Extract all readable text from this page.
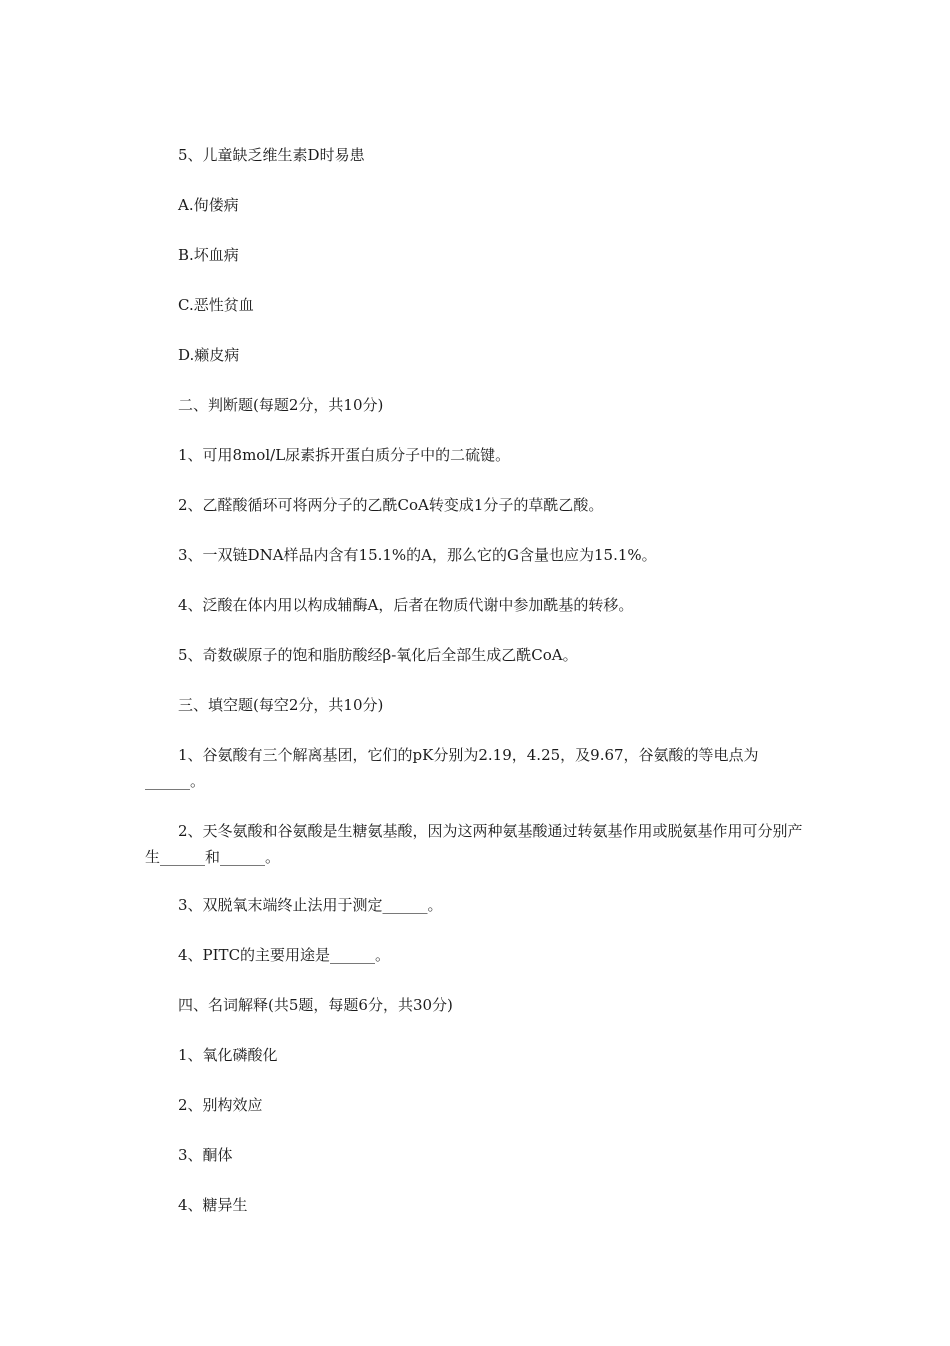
5、儿童缺乏维生素D时易患
A.佝偻病
B.坏血病
C.恶性贫血
D.癞皮病
二、判断题(每题2分，共10分)
1、可用8mol/L尿素拆开蛋白质分子中的二硫键。
2、乙醛酸循环可将两分子的乙酰CoA转变成1分子的草酰乙酸。
3、一双链DNA样品内含有15.1%的A，那么它的G含量也应为15.1%。
4、泛酸在体内用以构成辅酶A，后者在物质代谢中参加酰基的转移。
5、奇数碳原子的饱和脂肪酸经β-氧化后全部生成乙酰CoA。
三、填空题(每空2分，共10分)
1、谷氨酸有三个解离基团，它们的pK分别为2.19，4.25，及9.67，谷氨酸的等电点为______。
2、天冬氨酸和谷氨酸是生糖氨基酸，因为这两种氨基酸通过转氨基作用或脱氨基作用可分别产生______和______。
3、双脱氧末端终止法用于测定______。
4、PITC的主要用途是______。
四、名词解释(共5题，每题6分，共30分)
1、氧化磷酸化
2、别构效应
3、酮体
4、糖异生
